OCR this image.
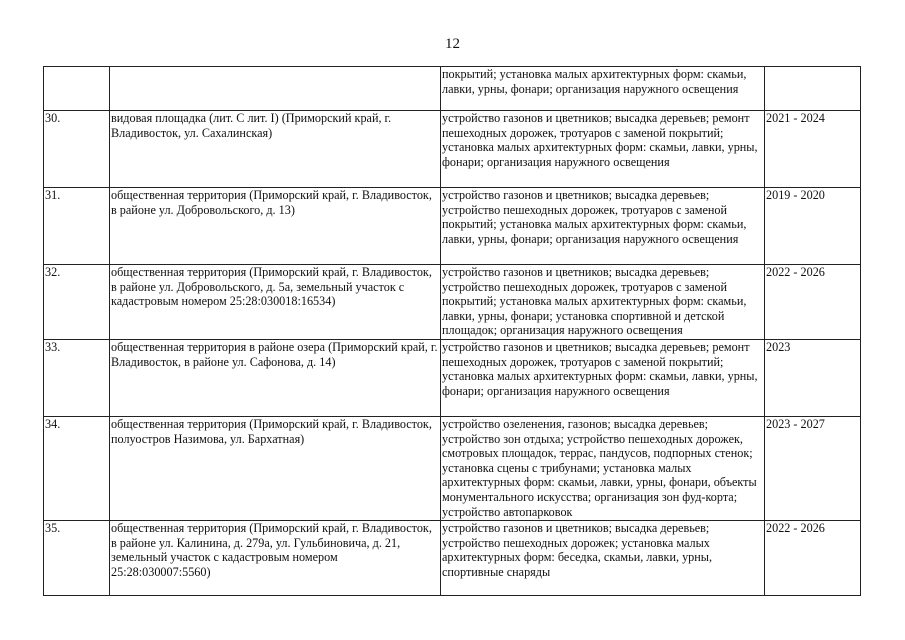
12
		покрытий; установка малых архитектурных форм: скамьи, лавки, урны, фонари; организация наружного освещения	
30.	видовая площадка (лит. С лит. I) (Приморский край, г. Владивосток, ул. Сахалинская)	устройство газонов и цветников; высадка деревьев; ремонт пешеходных дорожек, тротуаров с заменой покрытий; установка малых архитектурных форм: скамьи, лавки, урны, фонари; организация наружного освещения	2021 - 2024
31.	общественная территория (Приморский край, г. Владивосток, в районе ул. Добровольского, д. 13)	устройство газонов и цветников; высадка деревьев; устройство пешеходных дорожек, тротуаров с заменой покрытий; установка малых архитектурных форм: скамьи, лавки, урны, фонари; организация наружного освещения	2019 - 2020
32.	общественная территория (Приморский край, г. Владивосток, в районе ул. Добровольского, д. 5а, земельный участок с кадастровым номером 25:28:030018:16534)	устройство газонов и цветников; высадка деревьев; устройство пешеходных дорожек, тротуаров с заменой покрытий; установка малых архитектурных форм: скамьи, лавки, урны, фонари; установка спортивной и детской площадок; организация наружного освещения	2022 - 2026
33.	общественная территория в районе озера (Приморский край, г. Владивосток, в районе ул. Сафонова, д. 14)	устройство газонов и цветников; высадка деревьев; ремонт пешеходных дорожек, тротуаров с заменой покрытий; установка малых архитектурных форм: скамьи, лавки, урны, фонари; организация наружного освещения	2023
34.	общественная территория (Приморский край, г. Владивосток, полуостров Назимова, ул. Бархатная)	устройство озеленения, газонов; высадка деревьев; устройство зон отдыха; устройство пешеходных дорожек, смотровых площадок, террас, пандусов, подпорных стенок; установка сцены с трибунами; установка малых архитектурных форм: скамьи, лавки, урны, фонари, объекты монументального искусства; организация зон фуд-корта; устройство автопарковок	2023 - 2027
35.	общественная территория (Приморский край, г. Владивосток, в районе ул. Калинина, д. 279а, ул. Гульбиновича, д. 21, земельный участок с кадастровым номером 25:28:030007:5560)	устройство газонов и цветников; высадка деревьев; устройство пешеходных дорожек; установка малых архитектурных форм: беседка, скамьи, лавки, урны, спортивные снаряды	2022 - 2026
